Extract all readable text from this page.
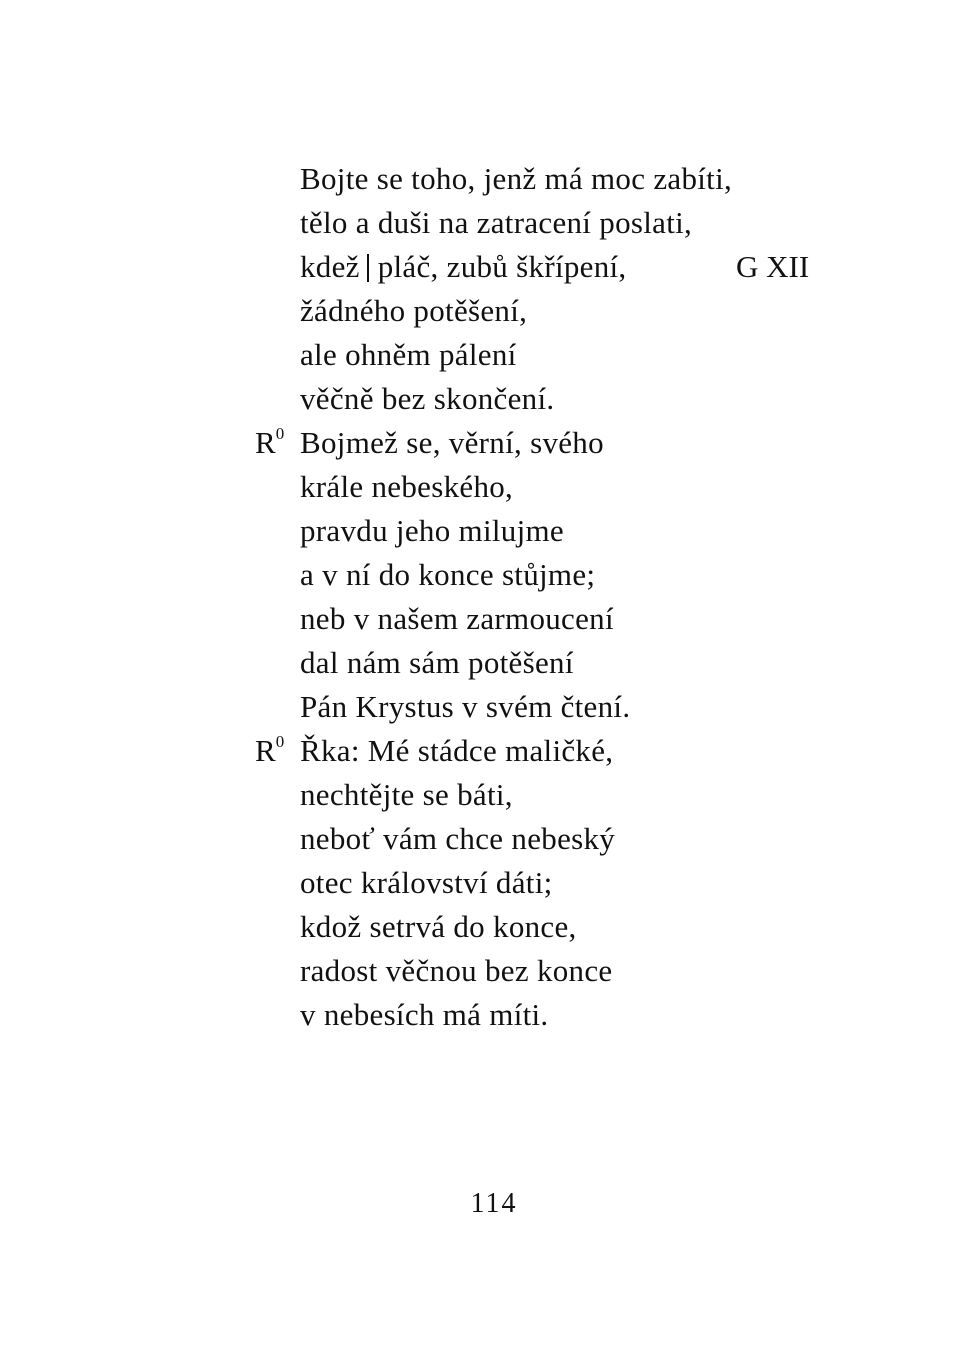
Bojte se toho, jenž má moc zabíti,
tělo a duši na zatracení poslati,
kdež pláč, zubů škřípení,	G XII
žádného potěšení,
ale ohněm pálení
věčně bez skončení.
$R^0$ Bojmež se, věrní, svého
krále nebeského,
pravdu jeho milujme
a v ní do konce stůjme;
neb v našem zarmoucení
dal nám sám potěšení
Pán Krystus v svém čtení.
$R^0$ Řka: Mé stádce maličké,
nechtějte se báti,
neboť vám chce nebeský
otec království dáti;
kdož setrvá do konce,
radost věčnou bez konce
v nebesích má míti.
114
